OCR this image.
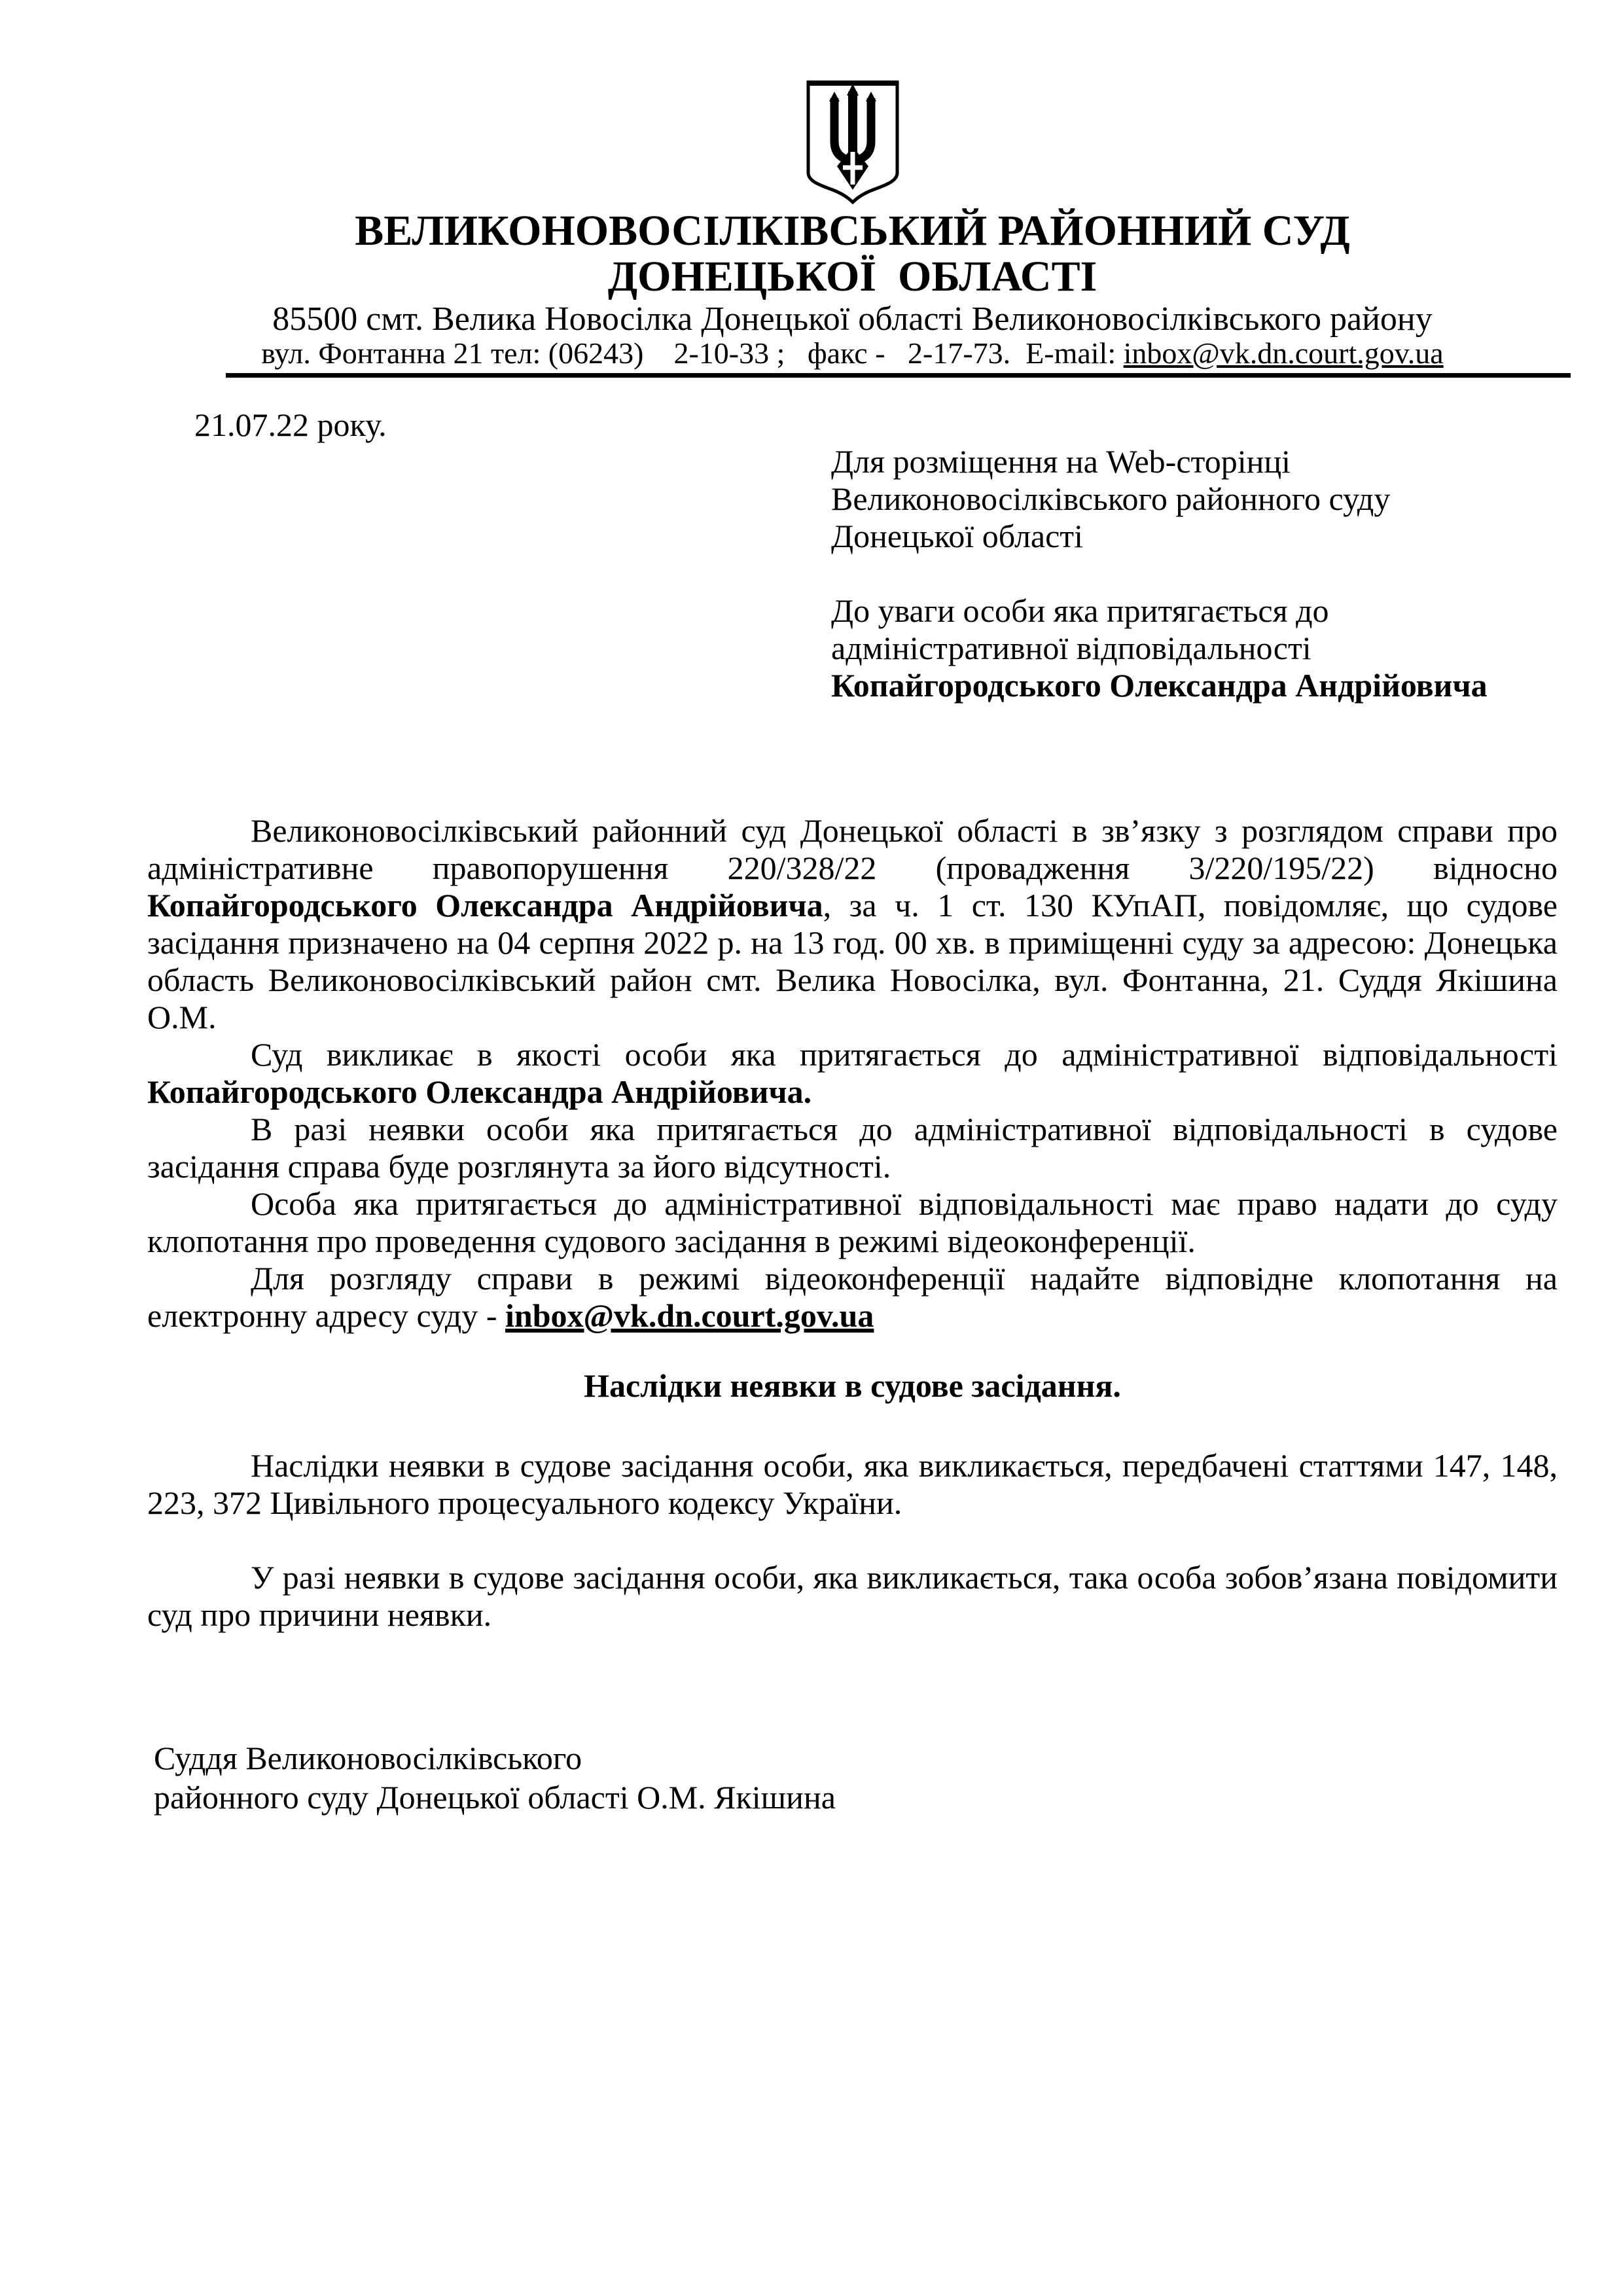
ВЕЛИКОНОВОСІЛКІВСЬКИЙ РАЙОННИЙ СУД
ДОНЕЦЬКОЇ  ОБЛАСТІ
85500 смт. Велика Новосілка Донецької області Великоновосілківського району
вул. Фонтанна 21 тел: (06243)    2-10-33 ;   факс -   2-17-73.  E-mail: inbox@vk.dn.court.gov.ua
21.07.22 року.
Для розміщення на Web-сторінці
Великоновосілківського районного суду
Донецької області
До уваги особи яка притягається до
адміністративної відповідальності
Копайгородського Олександра Андрійовича

Великоновосілківський районний суд Донецької області в зв’язку з розглядом справи про адміністративне правопорушення 220/328/22 (провадження 3/220/195/22) відносно Копайгородського Олександра Андрійовича, за ч. 1 ст. 130 КУпАП, повідомляє, що судове засідання призначено на 04 серпня 2022 р. на 13 год. 00 хв. в приміщенні суду за адресою: Донецька область Великоновосілківський район смт. Велика Новосілка, вул. Фонтанна, 21. Суддя Якішина О.М.

Суд викликає в якості особи яка притягається до адміністративної відповідальності Копайгородського Олександра Андрійовича.

В разі неявки особи яка притягається до адміністративної відповідальності в судове засідання справа буде розглянута за його відсутності.

Особа яка притягається до адміністративної відповідальності має право надати до суду клопотання про проведення судового засідання в режимі відеоконференції.

Для розгляду справи в режимі відеоконференції надайте відповідне клопотання на електронну адресу суду - inbox@vk.dn.court.gov.ua

Наслідки неявки в судове засідання.

Наслідки неявки в судове засідання особи, яка викликається, передбачені статтями 147, 148, 223, 372 Цивільного процесуального кодексу України.

У разі неявки в судове засідання особи, яка викликається, така особа зобов’язана повідомити суд про причини неявки.

Суддя Великоновосілківського
районного суду Донецької області О.М. Якішина
